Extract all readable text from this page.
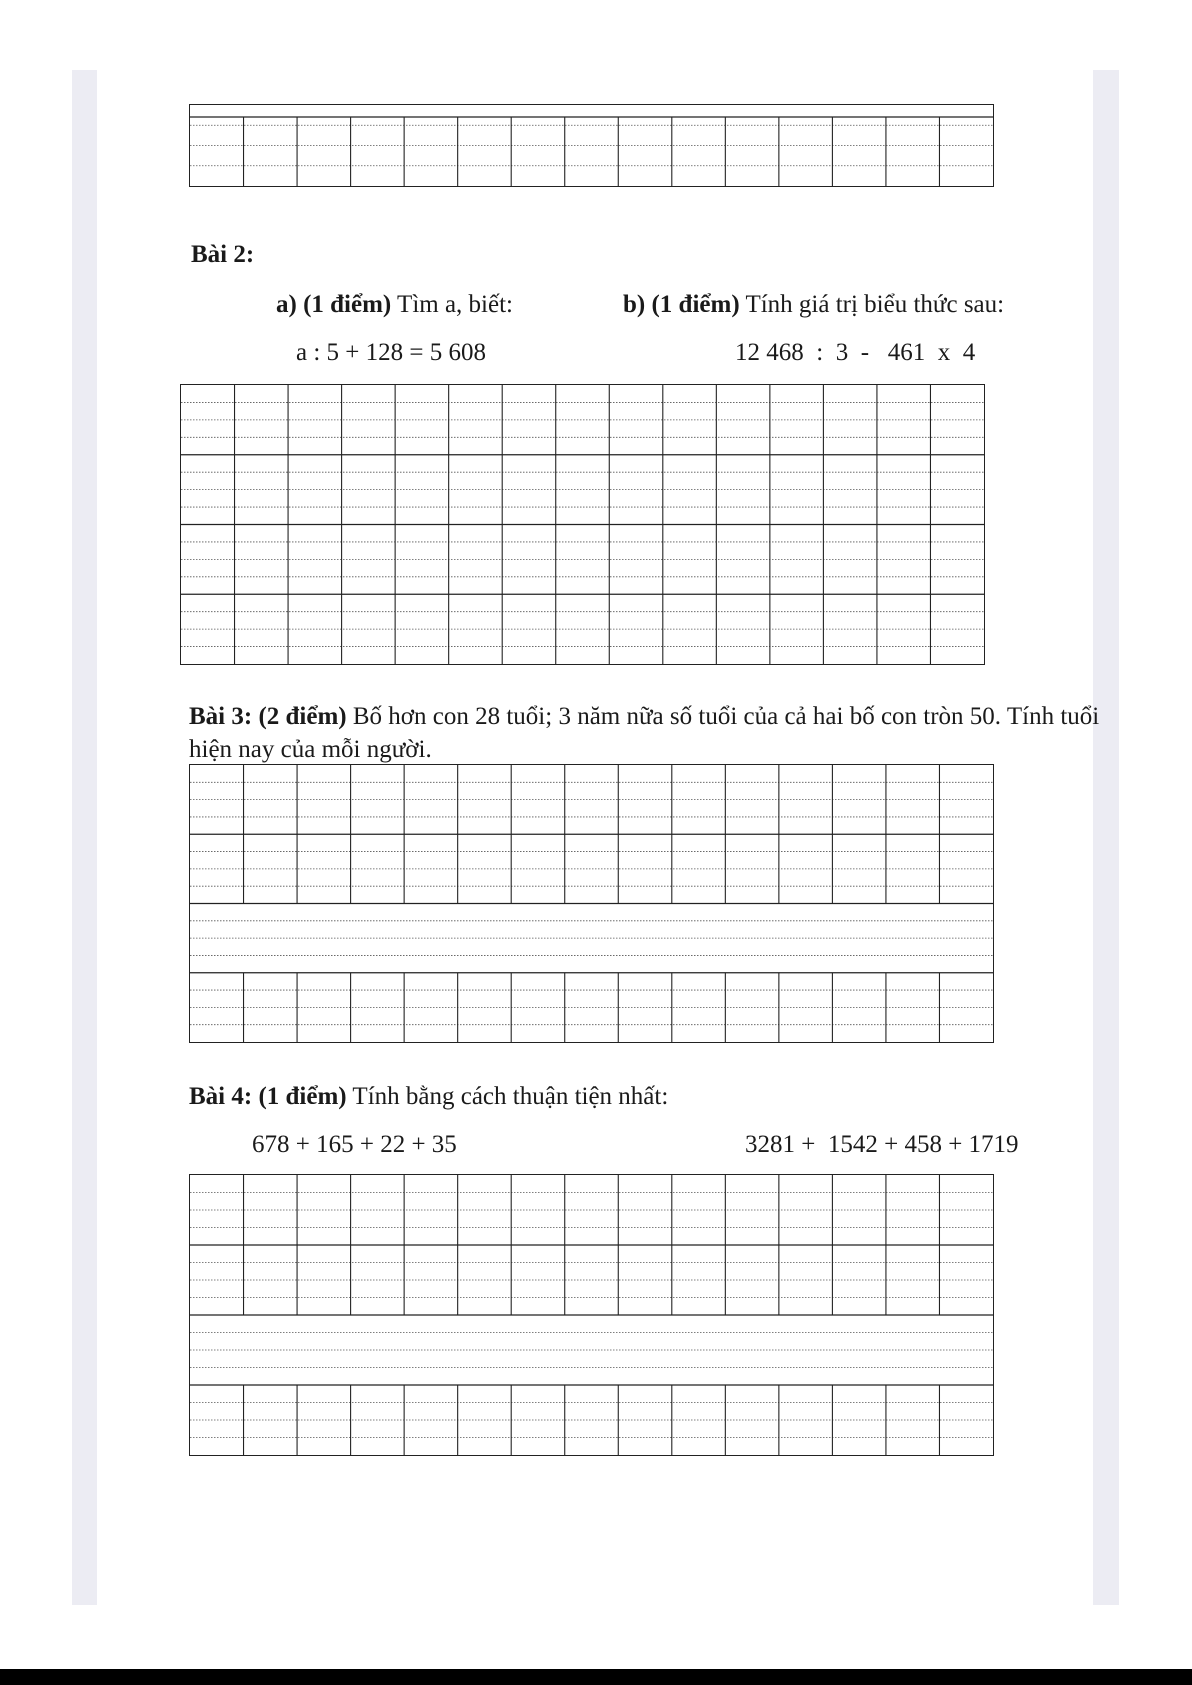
Bài 2:
a) (1 điểm) Tìm a, biết:	b) (1 điểm) Tính giá trị biểu thức sau:
a : 5 + 128 = 5 608	12 468  :  3  -   461  x  4
Bài 3: (2 điểm) Bố hơn con 28 tuổi; 3 năm nữa số tuổi của cả hai bố con tròn 50. Tính tuổi
hiện nay của mỗi người.
Bài 4: (1 điểm) Tính bằng cách thuận tiện nhất:
678 + 165 + 22 + 35	3281 +  1542 + 458 + 1719
